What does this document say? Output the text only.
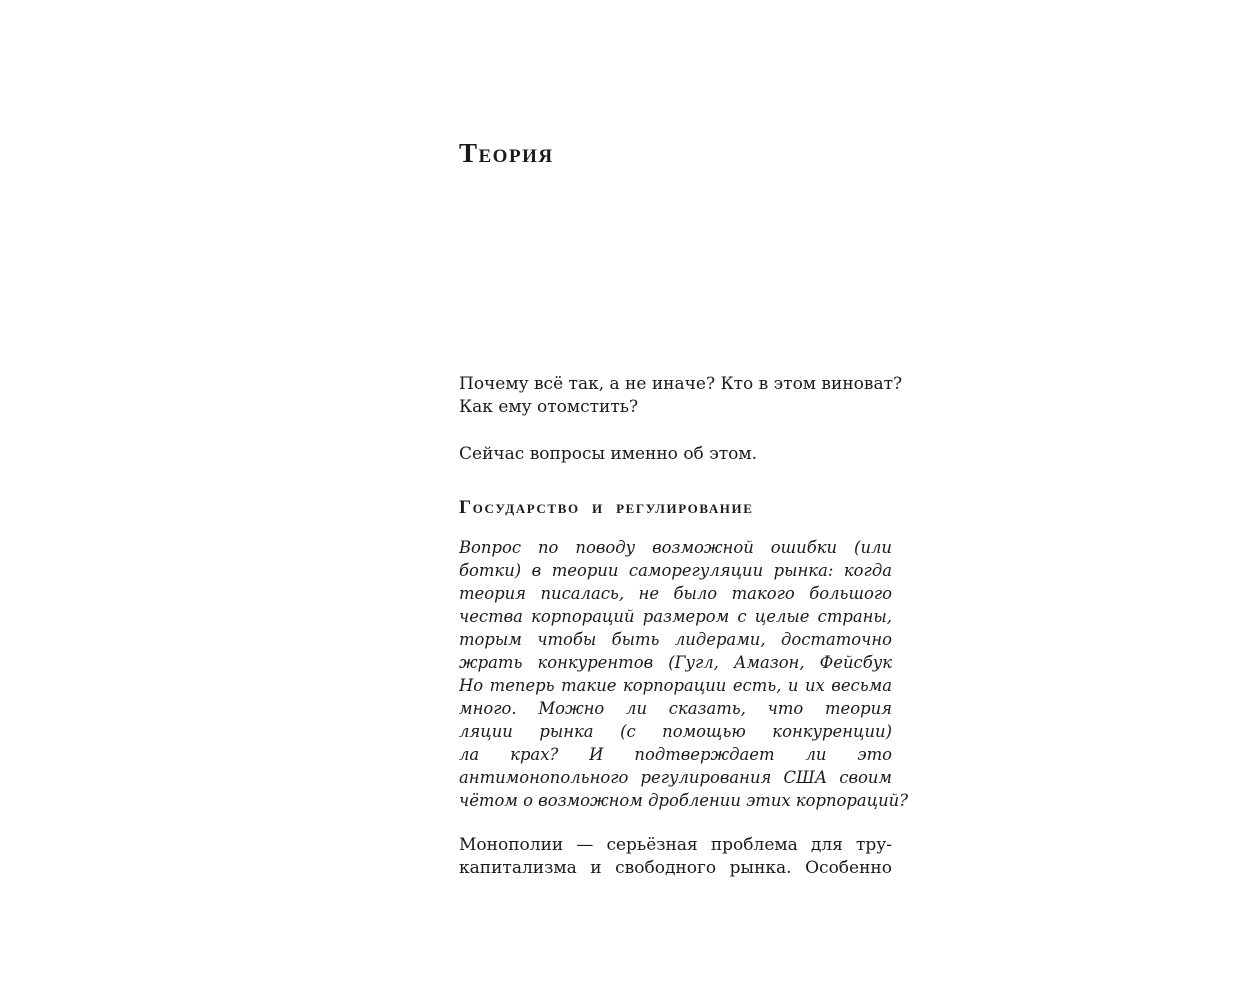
Теория
Почему всё так, а не иначе? Кто в этом виноват?
Как ему отомстить?
Сейчас вопросы именно об этом.
Государство и регулирование
Вопрос по поводу возможной ошибки (или
ботки) в теории саморегуляции рынка: когда
теория писалась, не было такого большого
чества корпораций размером с целые страны,
торым чтобы быть лидерами, достаточно
жрать конкурентов (Гугл, Амазон, Фейсбук
Но теперь такие корпорации есть, и их весьма
много. Можно ли сказать, что теория
ляции рынка (с помощью конкуренции)
ла крах? И подтверждает ли это
антимонопольного регулирования США своим
чётом о возможном дроблении этих корпораций?
Монополии — серьёзная проблема для тру-
капитализма и свободного рынка. Особенно
